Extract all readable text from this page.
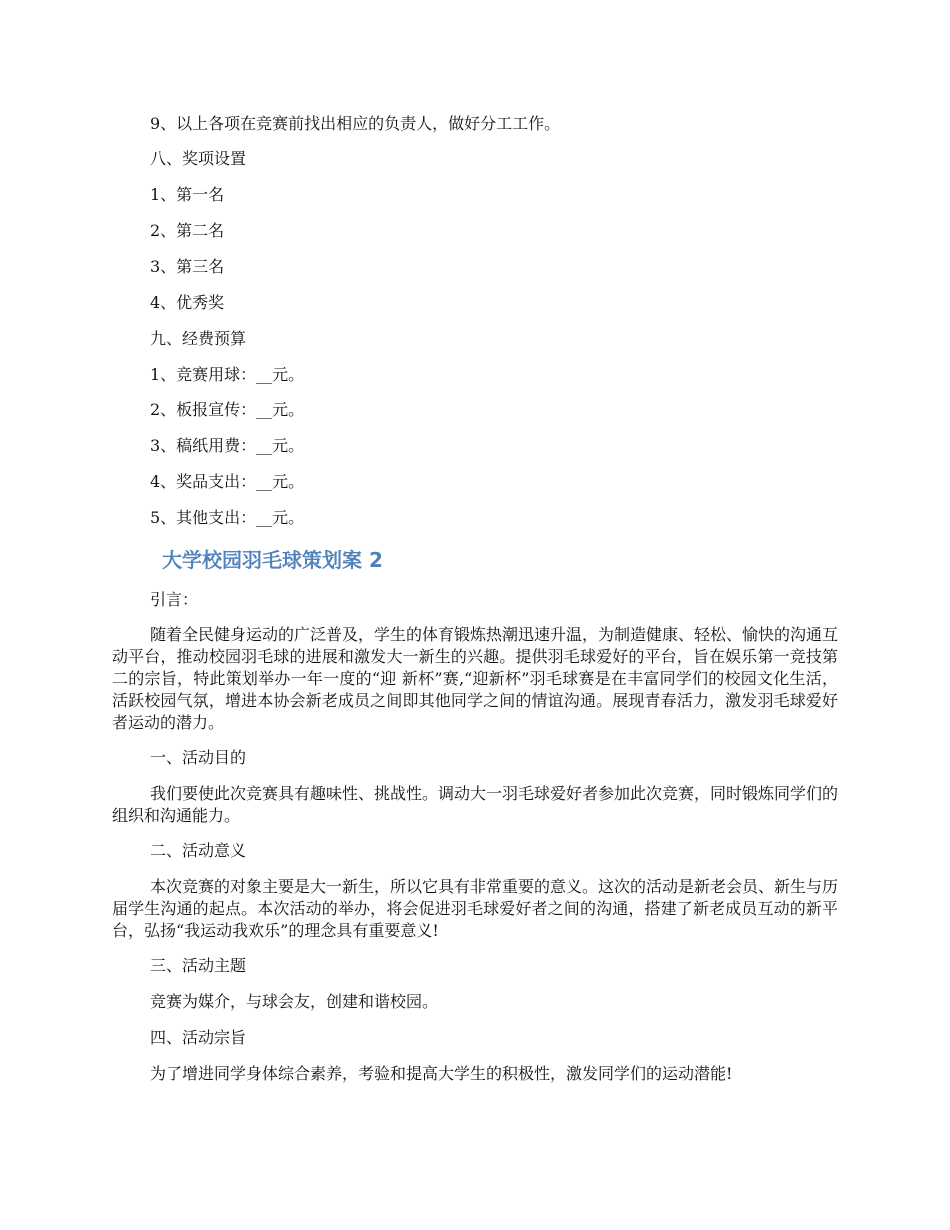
9、以上各项在竞赛前找出相应的负责人，做好分工工作。
八、奖项设置
1、第一名
2、第二名
3、第三名
4、优秀奖
九、经费预算
1、竞赛用球：__元。
2、板报宣传：__元。
3、稿纸用费：__元。
4、奖品支出：__元。
5、其他支出：__元。
大学校园羽毛球策划案 2
引言：
随着全民健身运动的广泛普及，学生的体育锻炼热潮迅速升温，为制造健康、轻松、愉快的沟通互动平台，推动校园羽毛球的进展和激发大一新生的兴趣。提供羽毛球爱好的平台，旨在娱乐第一竞技第二的宗旨，特此策划举办一年一度的“迎 新杯”赛,“迎新杯”羽毛球赛是在丰富同学们的校园文化生活，活跃校园气氛，增进本协会新老成员之间即其他同学之间的情谊沟通。展现青春活力，激发羽毛球爱好者运动的潜力。
一、活动目的
我们要使此次竞赛具有趣味性、挑战性。调动大一羽毛球爱好者参加此次竞赛，同时锻炼同学们的组织和沟通能力。
二、活动意义
本次竞赛的对象主要是大一新生，所以它具有非常重要的意义。这次的活动是新老会员、新生与历届学生沟通的起点。本次活动的举办，将会促进羽毛球爱好者之间的沟通，搭建了新老成员互动的新平台，弘扬“我运动我欢乐”的理念具有重要意义!
三、活动主题
竞赛为媒介，与球会友，创建和谐校园。
四、活动宗旨
为了增进同学身体综合素养，考验和提高大学生的积极性，激发同学们的运动潜能!
